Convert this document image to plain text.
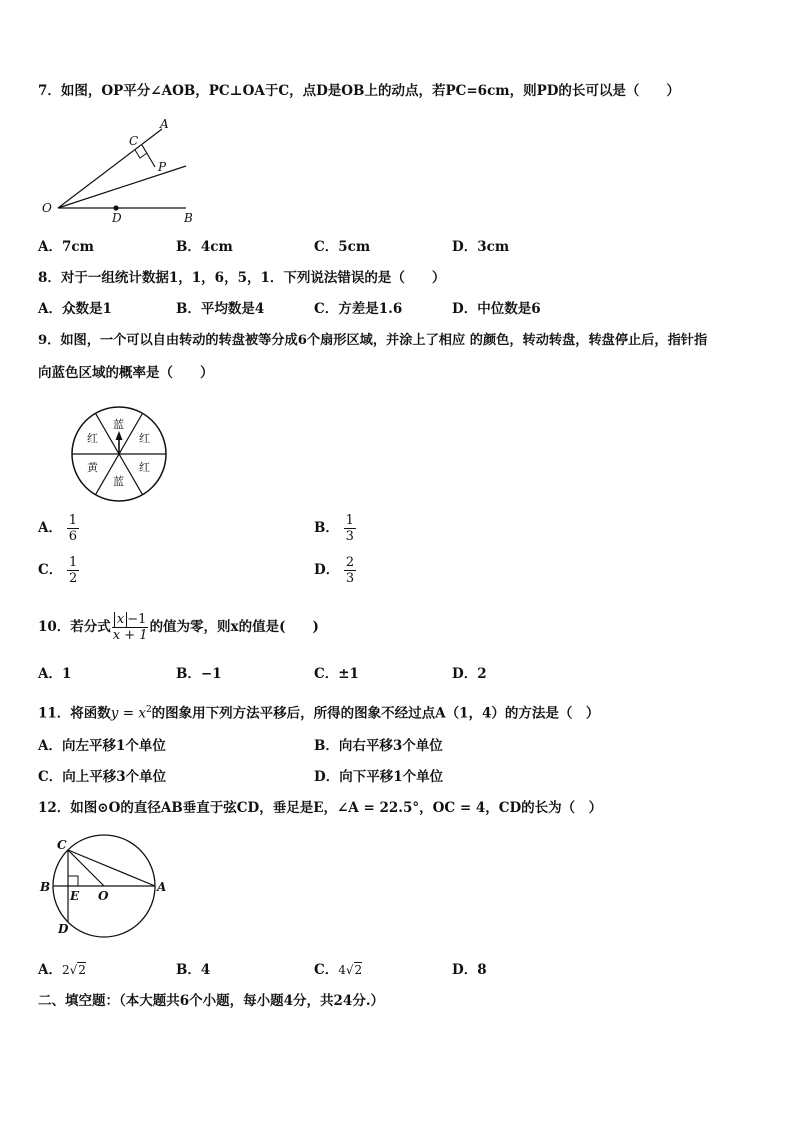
7．如图，OP平分∠AOB，PC⊥OA于C，点D是OB上的动点，若PC=6cm，则PD的长可以是（　　）
C
A
P
O
D	B
A．7cm	B．4cm	C．5cm	D．3cm
8．对于一组统计数据1，1，6，5，1．下列说法错误的是（　　）
A．众数是1	B．平均数是4	C．方差是1.6	D．中位数是6
9．如图，一个可以自由转动的转盘被等分成6个扇形区域，并涂上了相应 的颜色，转动转盘，转盘停止后，指针指
向蓝色区域的概率是（　　）
蓝
红
红
蓝
黄
红
A． $\frac{1}{6}$	B． $\frac{1}{3}$
C． $\frac{1}{2}$	D． $\frac{2}{3}$
10．若分式 $\frac{x -1}{x + 1}$ 的值为零，则x的值是(　　)
A．1	B．−1	C．±1	D．2
11．将函数$y = x^2$的图象用下列方法平移后，所得的图象不经过点A（1，4）的方法是（　）
A．向左平移1个单位	B．向右平移3个单位
C．向上平移3个单位	D．向下平移1个单位
12．如图⊙O的直径AB垂直于弦CD，垂足是E，∠A = 22.5°，OC = 4，CD的长为（　）
C
B
E O
A
D
A．2√2	B．4	C．4√2	D．8
二、填空题：（本大题共6个小题，每小题4分，共24分.）
